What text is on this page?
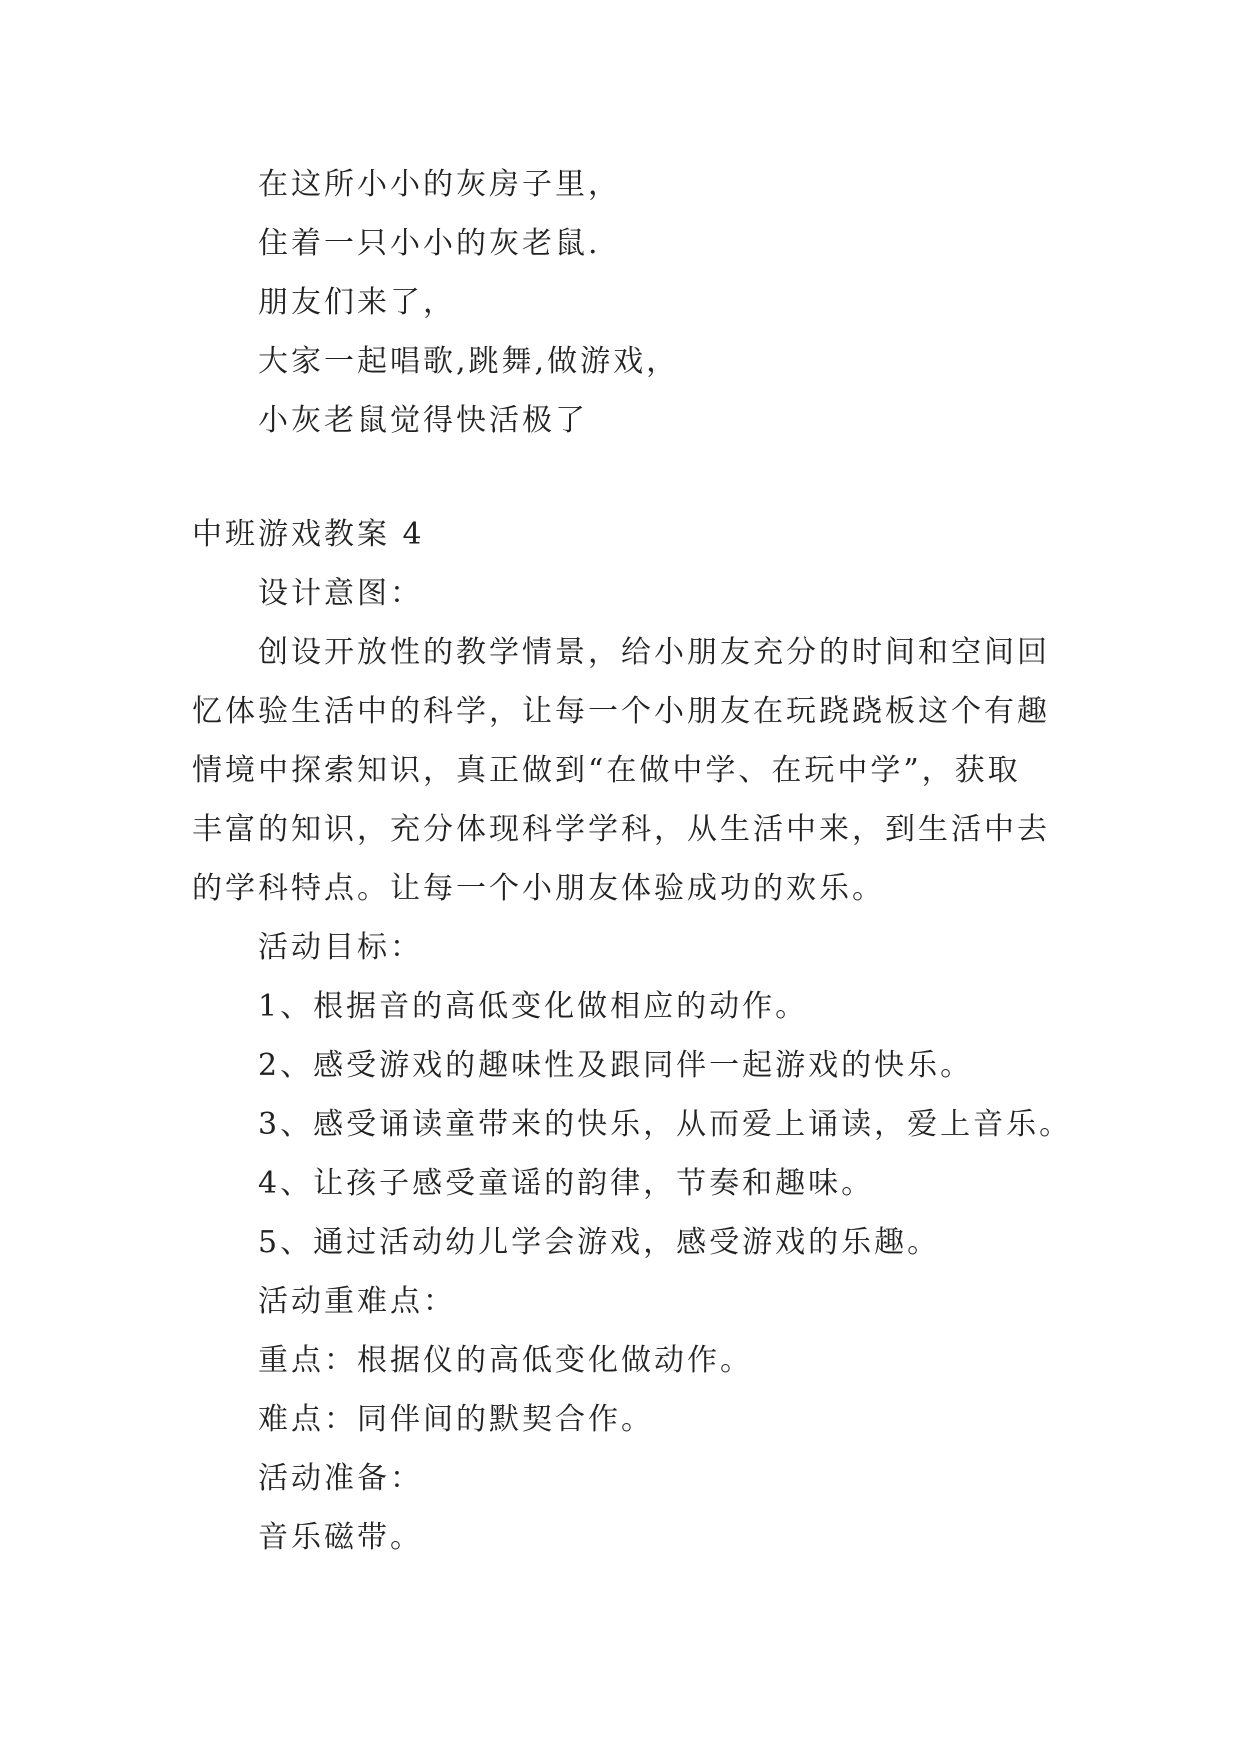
在这所小小的灰房子里，
住着一只小小的灰老鼠.
朋友们来了，
大家一起唱歌,跳舞,做游戏，
小灰老鼠觉得快活极了
中班游戏教案 4
设计意图：
创设开放性的教学情景，给小朋友充分的时间和空间回
忆体验生活中的科学，让每一个小朋友在玩跷跷板这个有趣
情境中探索知识，真正做到“在做中学、在玩中学”，获取
丰富的知识，充分体现科学学科，从生活中来，到生活中去
的学科特点。让每一个小朋友体验成功的欢乐。
活动目标：
1、根据音的高低变化做相应的动作。
2、感受游戏的趣味性及跟同伴一起游戏的快乐。
3、感受诵读童带来的快乐，从而爱上诵读，爱上音乐。
4、让孩子感受童谣的韵律，节奏和趣味。
5、通过活动幼儿学会游戏，感受游戏的乐趣。
活动重难点：
重点：根据仪的高低变化做动作。
难点：同伴间的默契合作。
活动准备：
音乐磁带。
